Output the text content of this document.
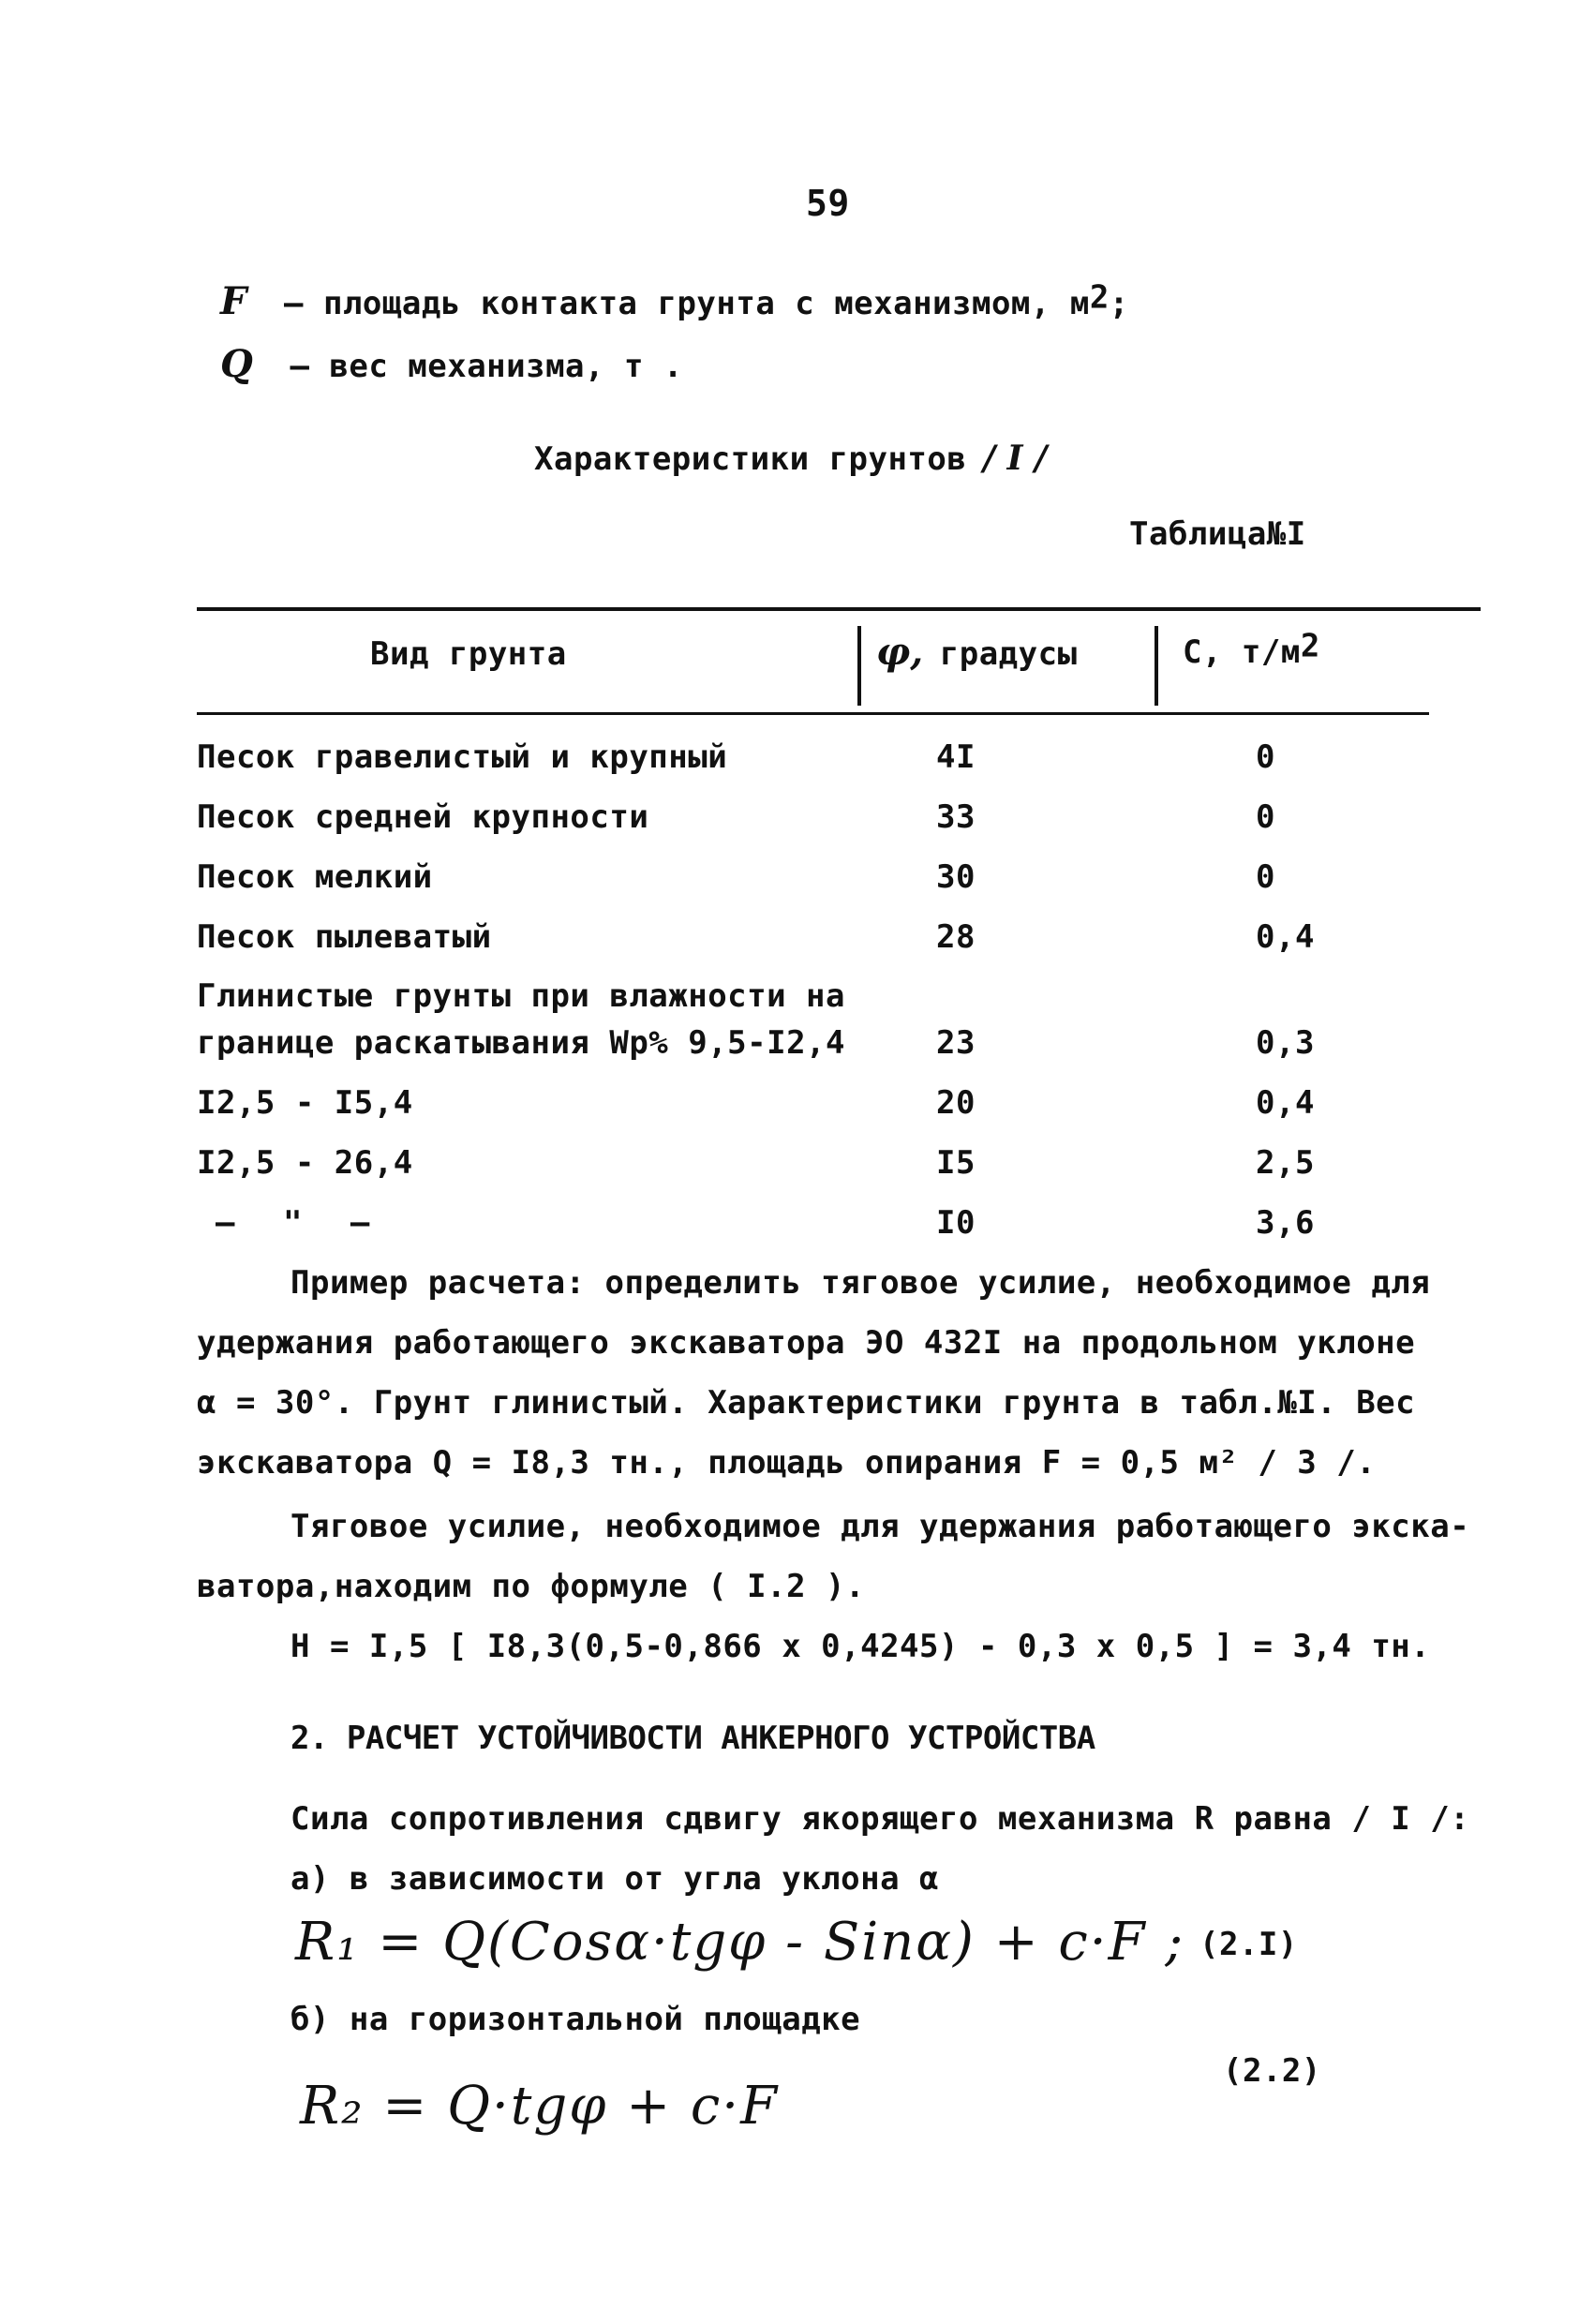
59
F – площадь контакта грунта с механизмом, $м^2$;
Q – вес механизма, т .
Характеристики грунтов / I /
Таблица№I
Вид грунта	φ, градусы	С, $т/м^2$
Песок гравелистый и крупный	4I	0
Песок средней крупности	33	0
Песок мелкий	30	0
Песок пылеватый	28	0,4
Глинистые грунты при влажности на
границе раскатывания Wр% 9,5-I2,4	23	0,3
I2,5 - I5,4	20	0,4
I2,5 - 26,4	I5	2,5
– " –	I0	3,6
Пример расчета: определить тяговое усилие, необходимое для
удержания работающего экскаватора ЭО 432I на продольном уклоне
α = 30°. Грунт глинистый. Характеристики грунта в табл.№I. Вес
экскаватора Q = I8,3 тн., площадь опирания F = 0,5 м² / 3 /.
Тяговое усилие, необходимое для удержания работающего экска-
ватора,находим по формуле ( I.2 ).
H = I,5 [ I8,3(0,5-0,866 x 0,4245) - 0,3 x 0,5 ] = 3,4 тн.
2. РАСЧЕТ УСТОЙЧИВОСТИ АНКЕРНОГО УСТРОЙСТВА
Сила сопротивления сдвигу якорящего механизма R равна / I /:
а) в зависимости от угла уклона α
R₁ = Q(Cosα·tgφ - Sinα) + c·F ; (2.I)
б) на горизонтальной площадке
R₂ = Q·tgφ + c·F
(2.2)
